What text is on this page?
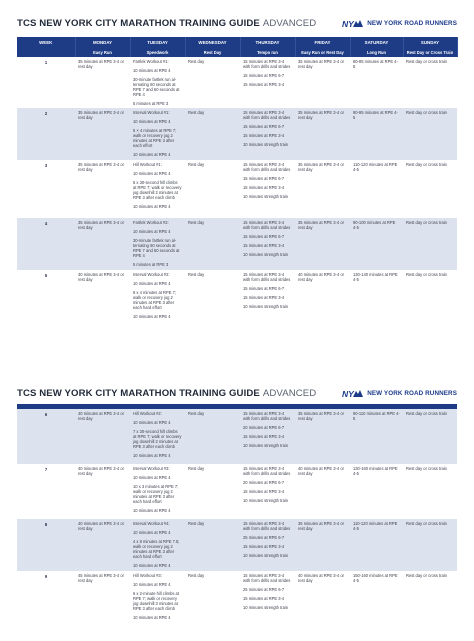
TCS NEW YORK CITY MARATHON TRAINING GUIDE ADVANCED	NY NEW YORK ROAD RUNNERS
WEEK	MONDAY	TUESDAY	WEDNESDAY	THURSDAY	FRIDAY	SATURDAY	SUNDAY
	Easy Run	Speedwork	Rest Day	Tempo run	Easy Run or Rest Day	Long Run	Rest Day or Cross Train
1	35 minutes at RPE 3-4 or rest day	Fartlek Workout #1:
10 minutes at RPE 4
30-minute fartlek run al-ternating 60 seconds at RPE 7 and 60 seconds at RPE 4
5 minutes at RPE 3	Rest day	15 minutes at RPE 3-4 with form drills and strides
15 minutes at RPE 6-7
15 minutes at RPE 3-4	35 minutes at RPE 3-4 or rest day	80-85 minutes at RPE 4-5	Rest day or cross train

2	35 minutes at RPE 3-4 or rest day	Interval Workout #1:
10 minutes at RPE 4
5 × 4 minutes at RPE 7; walk or recovery jog 2 minutes at RPE 3 after each effort
10 minutes at RPE 4	Rest day	15 minutes at RPE 3-4 with form drills and strides
15 minutes at RPE 6-7
15 minutes at RPE 3-4
10 minutes strength train	35 minutes at RPE 3-4 or rest day	90-95 minutes at RPE 4-5	Rest day or cross train

3	35 minutes at RPE 3-4 or rest day	Hill Workout #1:
10 minutes at RPE 4
5 x 30-second hill climbs at RPE 7; walk or recovery jog downhill 2 minutes at RPE 3 after each climb
10 minutes at RPE 4	Rest day	15 minutes at RPE 3-4 with form drills and strides
15 minutes at RPE 6-7
15 minutes at RPE 3-4
10 minutes strength train	35 minutes at RPE 3-4 or rest day	110-120 minutes at RPE 4-5	Rest day or cross train

4	35 minutes at RPE 3-4 or rest day	Fartlek Workout #2:
10 minutes at RPE 4
30-minute fartlek run al-ternating 60 seconds at RPE 7 and 60 seconds at RPE 4
5 minutes at RPE 3	Rest day	15 minutes at RPE 3-4 with form drills and strides
15 minutes at RPE 6-7
15 minutes at RPE 3-4
10 minutes strength train	35 minutes at RPE 3-4 or rest day	90-100 minutes at RPE 4-5	Rest day or cross train

5	40 minutes at RPE 3-4 or rest day	Interval Workout #2:
10 minutes at RPE 4
6 x 4 minutes at RPE 7; walk or recovery jog 2 minutes at RPE 3 after each hard effort
10 minutes at RPE 4	Rest day	15 minutes at RPE 3-4 with form drills and strides
15 minutes at RPE 6-7
15 minutes at RPE 3-4
10 minutes strength train	40 minutes at RPE 3-4 or rest day	130-140 minutes at RPE 4-5	Rest day or cross train
TCS NEW YORK CITY MARATHON TRAINING GUIDE ADVANCED	NY NEW YORK ROAD RUNNERS
6	40 minutes at RPE 3-4 or rest day	Hill Workout #2:
10 minutes at RPE 4
7 x 30-second hill climbs at RPE 7; walk or recovery jog downhill 2 minutes at RPE 3 after each climb
10 minutes at RPE 4	Rest day	15 minutes at RPE 3-4 with form drills and strides
20 minutes at RPE 6-7
15 minutes at RPE 3-4
10 minutes strength train	35 minutes at RPE 3-4 or rest day	90-110 minutes at RPE 4-5	Rest day or cross train

7	40 minutes at RPE 3-4 or rest day	Interval Workout #3:
10 minutes at RPE 4
10 x 3 minutes at RPE 7; walk or recovery jog 2 minutes at RPE 3 after each hard effort
10 minutes at RPE 4	Rest day	15 minutes at RPE 3-4 with form drills and strides
20 minutes at RPE 6-7
15 minutes at RPE 3-4
10 minutes strength train	40 minutes at RPE 3-4 or rest day	130-160 minutes at RPE 4-5	Rest day or cross train

8	40 minutes at RPE 3-4 or rest day	Interval Workout #4:
10 minutes at RPE 4
4 x 8 minutes at RPE 7.5; walk or recovery jog 2 minutes at RPE 3 after each hard effort
10 minutes at RPE 4	Rest day	15 minutes at RPE 3-4 with form drills and strides
25 minutes at RPE 6-7
15 minutes at RPE 3-4
10 minutes strength train	35 minutes at RPE 3-4 or rest day	110-120 minutes at RPE 4-5	Rest day or cross train

9	45 minutes at RPE 3-4 or rest day	Hill Workout #3:
10 minutes at RPE 4
6 x 2-minute hill climbs at RPE 7; walk or recovery jog downhill 3 minutes at RPE 3 after each climb
10 minutes at RPE 4	Rest day	15 minutes at RPE 3-4 with form drills and strides
25 minutes at RPE 6-7
15 minutes at RPE 3-4
10 minutes strength train	40 minutes at RPE 3-4 or rest day	150-160 minutes at RPE 4-5	Rest day or cross train
